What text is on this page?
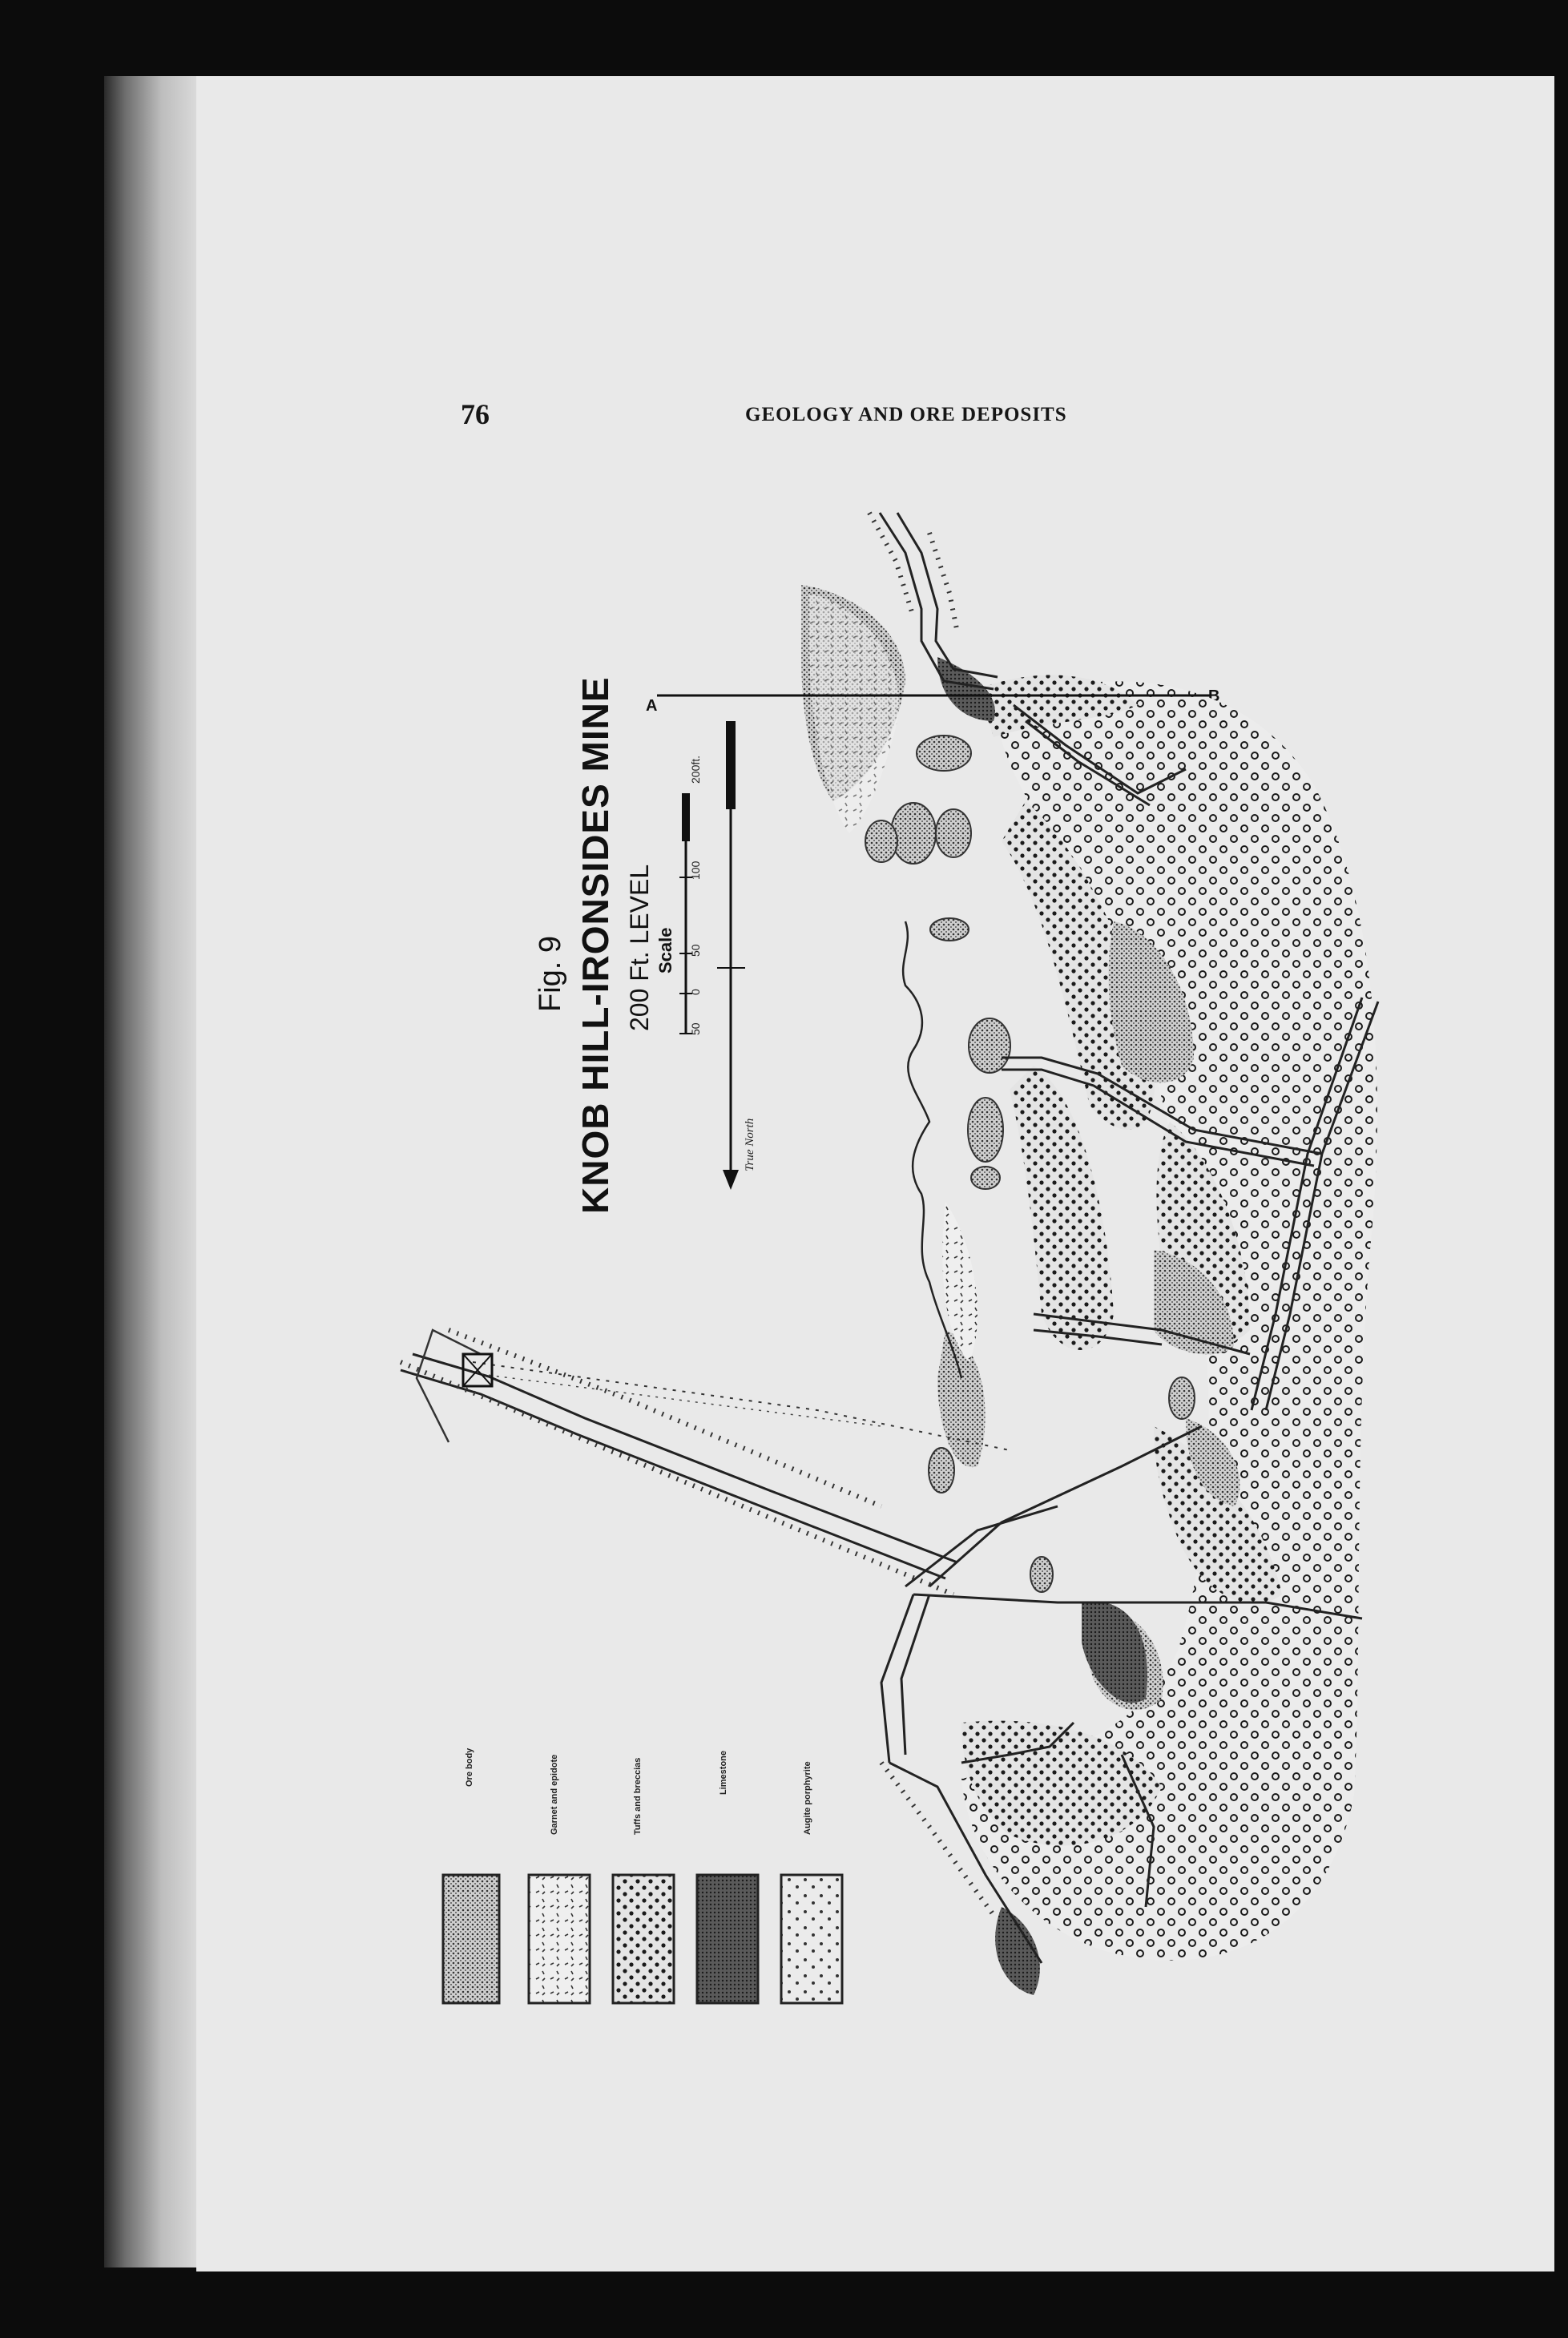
76	GEOLOGY AND ORE DEPOSITS
Fig. 9 KNOB HILL-IRONSIDES MINE 200 Ft. LEVEL Scale
50
0
50
100
200ft.
True North
A
B
Ore body	Garnet and epidote	Tuffs and breccias	Limestone	Augite porphyrite
